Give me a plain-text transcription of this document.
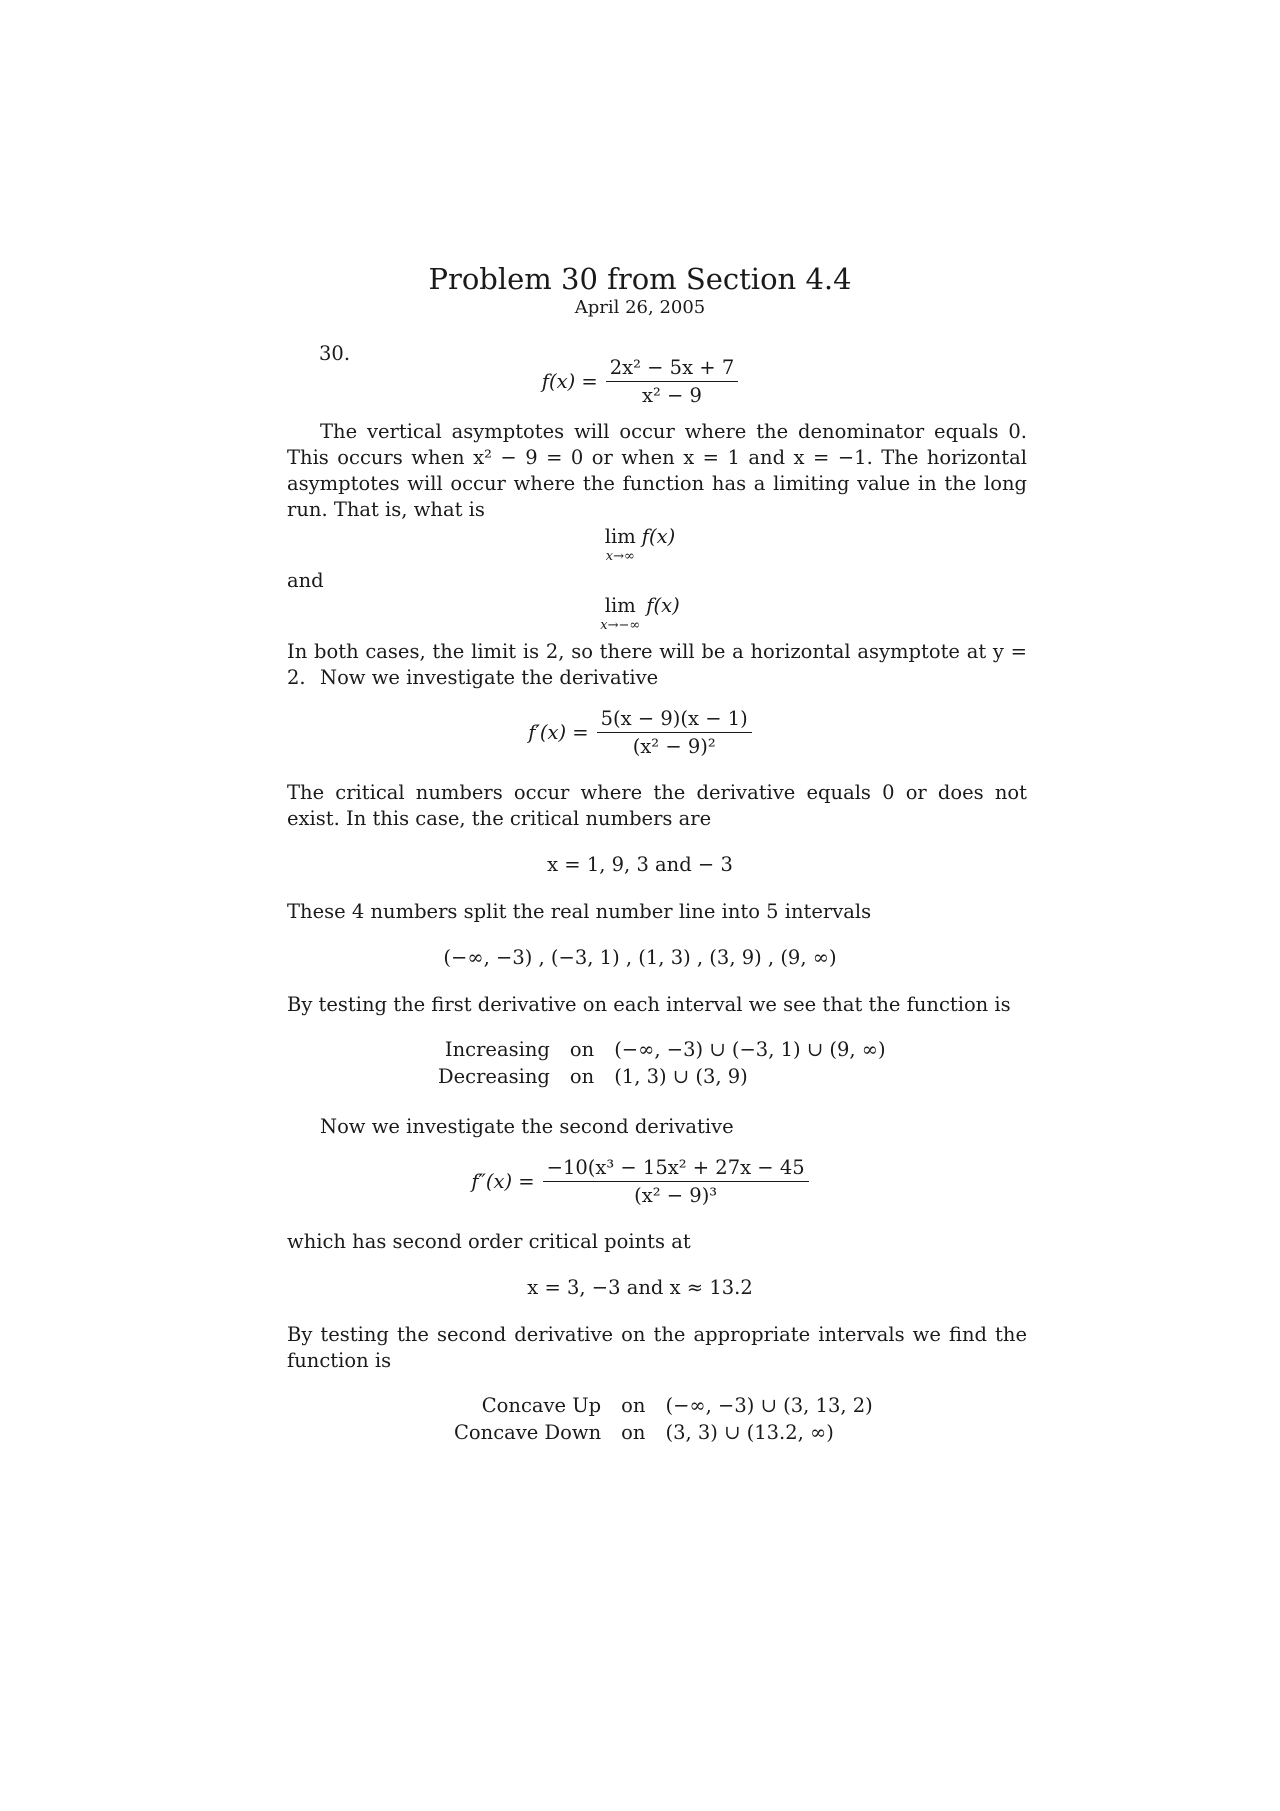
Problem 30 from Section 4.4
April 26, 2005
30.
$f(x) = \frac{\text{2x² − 5x + 7}}{\text{x² − 9}}$
The vertical asymptotes will occur where the denominator equals 0. This occurs when x² − 9 = 0 or when x = 1 and x = −1. The horizontal asymptotes will occur where the function has a limiting value in the long run. That is, what is
lim
x→∞
f(x)
and
lim
x→−∞
f(x)
In both cases, the limit is 2, so there will be a horizontal asymptote at y = 2. Now we investigate the derivative
$f'(x) = \frac{5(x - 9)(x - 1)}{\text{(x² − 9)²}}$
The critical numbers occur where the derivative equals 0 or does not exist. In this case, the critical numbers are
x = 1, 9, 3 and − 3
These 4 numbers split the real number line into 5 intervals
(−∞, −3) , (−3, 1) , (1, 3) , (3, 9) , (9, ∞)
By testing the first derivative on each interval we see that the function is
Increasing	on	(−∞, −3) ∪ (−3, 1) ∪ (9, ∞)
Decreasing	on	(1, 3) ∪ (3, 9)
Now we investigate the second derivative
$f''(x) = \frac{\text{−10(x³ − 15x² + 27x − 45}}{\text{(x² − 9)³}}$
which has second order critical points at
x = 3, −3 and x ≈ 13.2
By testing the second derivative on the appropriate intervals we find the function is
Concave Up	on	(−∞, −3) ∪ (3, 13, 2)
Concave Down	on	(3, 3) ∪ (13.2, ∞)
